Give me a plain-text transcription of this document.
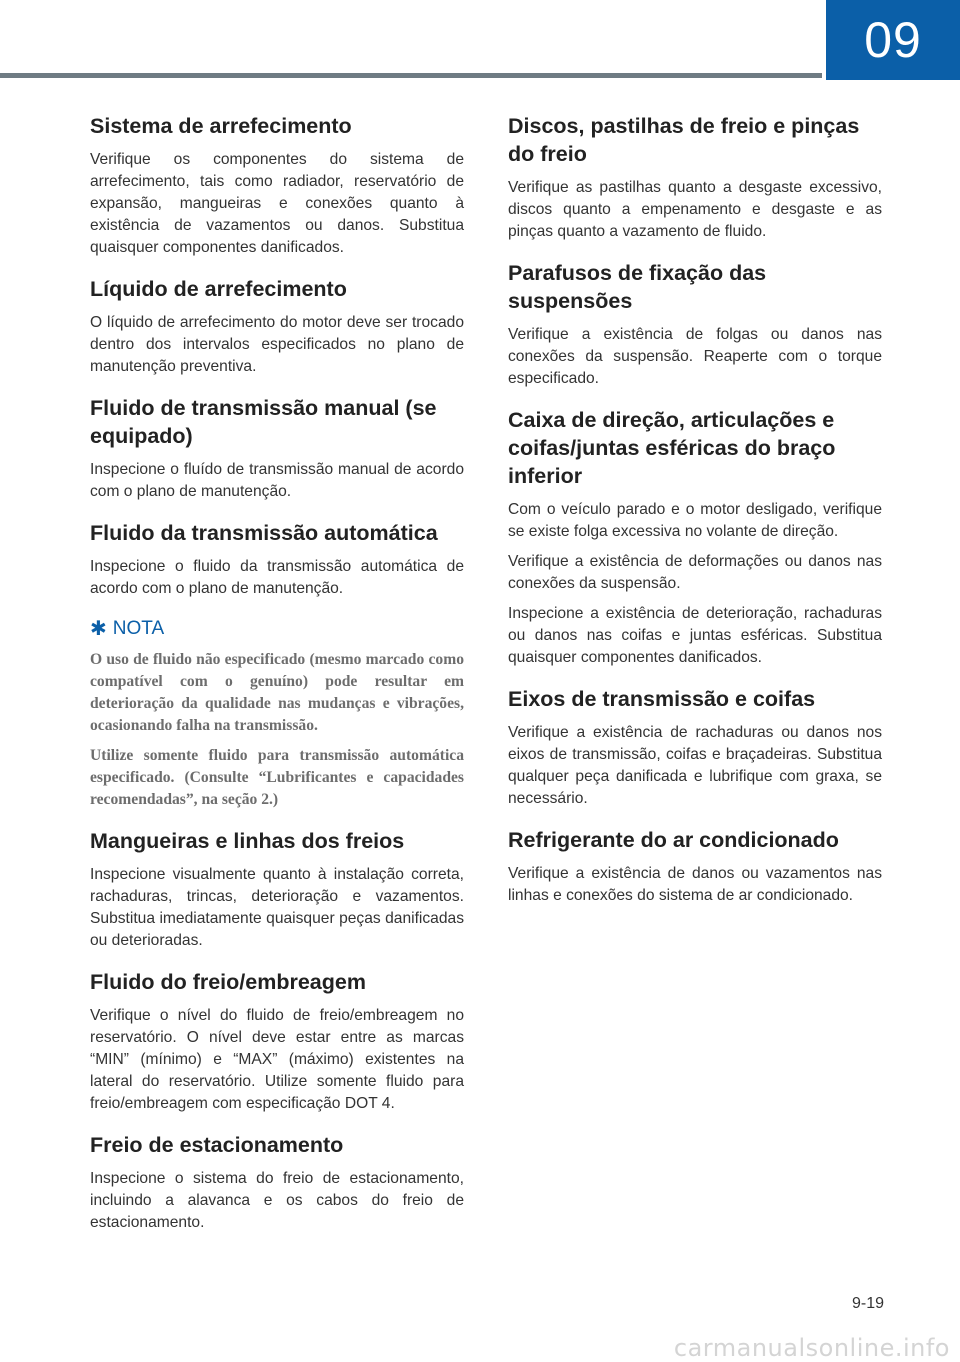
09
Sistema de arrefecimento

Verifique os componentes do sistema de arrefecimento, tais como radiador, reservatório de expansão, mangueiras e conexões quanto à existência de vazamentos ou danos. Substitua quaisquer componentes danificados.

Líquido de arrefecimento

O líquido de arrefecimento do motor deve ser trocado dentro dos intervalos especificados no plano de manutenção preventiva.

Fluido de transmissão manual (se equipado)

Inspecione o fluído de transmissão manual de acordo com o plano de manutenção.

Fluido da transmissão automática

Inspecione o fluido da transmissão automática de acordo com o plano de manutenção.

✱ NOTA

O uso de fluido não especificado (mesmo marcado como compatível com o genuíno) pode resultar em deterioração da qualidade nas mudanças e vibrações, ocasionando falha na transmissão.

Utilize somente fluido para transmissão automática especificado. (Consulte “Lubrificantes e capacidades recomendadas”, na seção 2.)

Mangueiras e linhas dos freios

Inspecione visualmente quanto à instalação correta, rachaduras, trincas, deterioração e vazamentos. Substitua imediatamente quaisquer peças danificadas ou deterioradas.

Fluido do freio/embreagem

Verifique o nível do fluido de freio/embreagem no reservatório. O nível deve estar entre as marcas “MIN” (mínimo) e “MAX” (máximo) existentes na lateral do reservatório. Utilize somente fluido para freio/embreagem com especificação DOT 4.

Freio de estacionamento

Inspecione o sistema do freio de estacionamento, incluindo a alavanca e os cabos do freio de estacionamento.

Discos, pastilhas de freio e pinças do freio

Verifique as pastilhas quanto a desgaste excessivo, discos quanto a empenamento e desgaste e as pinças quanto a vazamento de fluido.

Parafusos de fixação das suspensões

Verifique a existência de folgas ou danos nas conexões da suspensão. Reaperte com o torque especificado.

Caixa de direção, articulações e coifas/juntas esféricas do braço inferior

Com o veículo parado e o motor desligado, verifique se existe folga excessiva no volante de direção.

Verifique a existência de deformações ou danos nas conexões da suspensão.

Inspecione a existência de deterioração, rachaduras ou danos nas coifas e juntas esféricas. Substitua quaisquer componentes danificados.

Eixos de transmissão e coifas

Verifique a existência de rachaduras ou danos nos eixos de transmissão, coifas e braçadeiras. Substitua qualquer peça danificada e lubrifique com graxa, se necessário.

Refrigerante do ar condicionado

Verifique a existência de danos ou vazamentos nas linhas e conexões do sistema de ar condicionado.

9-19
carmanualsonline.info
